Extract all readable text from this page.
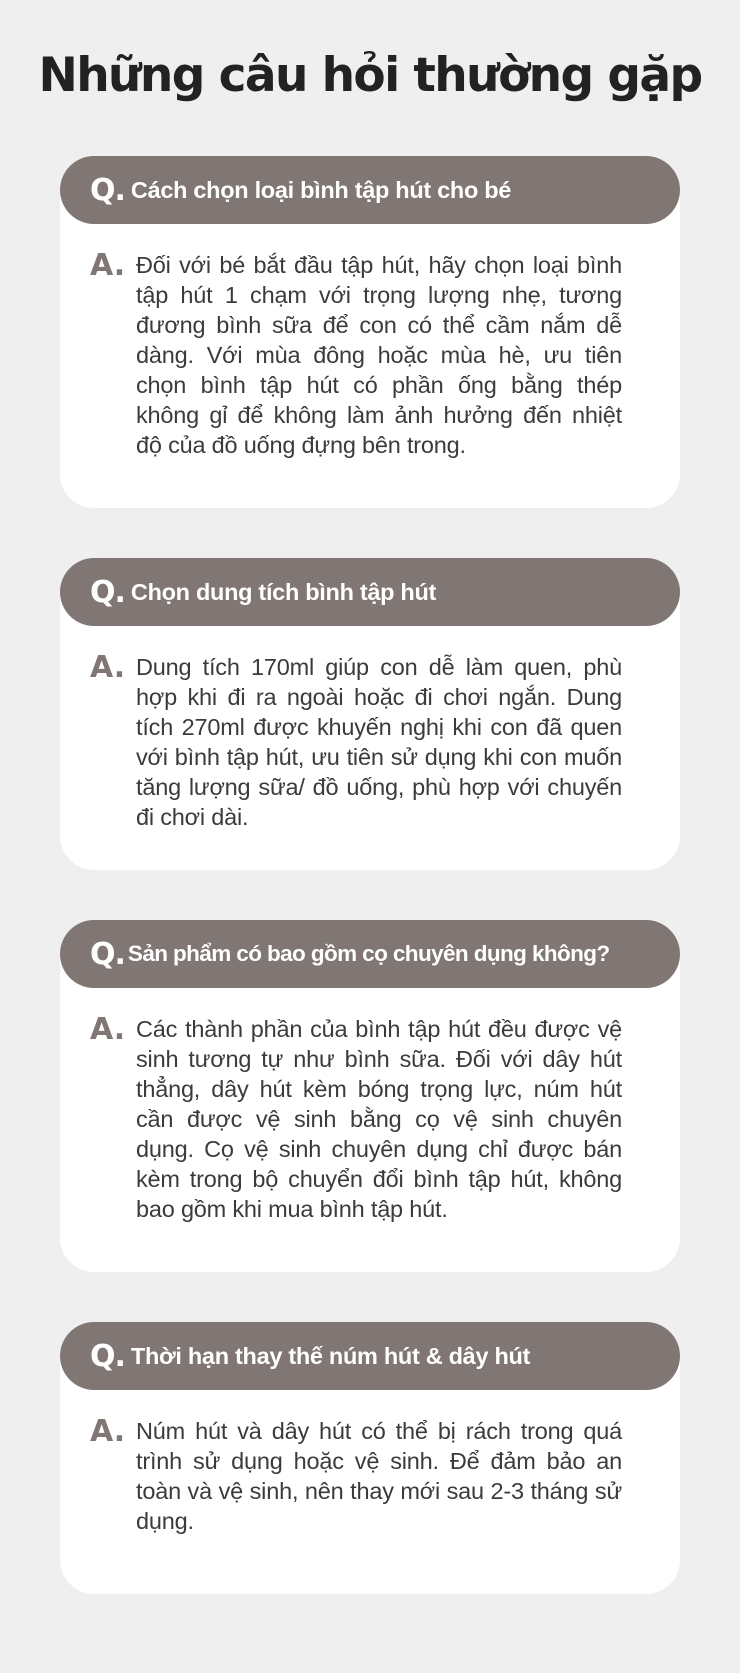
Những câu hỏi thường gặp
Q. Cách chọn loại bình tập hút cho bé
A. Đối với bé bắt đầu tập hút, hãy chọn loại bình tập hút 1 chạm với trọng lượng nhẹ, tương đương bình sữa để con có thể cầm nắm dễ dàng. Với mùa đông hoặc mùa hè, ưu tiên chọn bình tập hút có phần ống bằng thép không gỉ để không làm ảnh hưởng đến nhiệt độ của đồ uống đựng bên trong.
Q. Chọn dung tích bình tập hút
A. Dung tích 170ml giúp con dễ làm quen, phù hợp khi đi ra ngoài hoặc đi chơi ngắn. Dung tích 270ml được khuyến nghị khi con đã quen với bình tập hút, ưu tiên sử dụng khi con muốn tăng lượng sữa/ đồ uống, phù hợp với chuyến đi chơi dài.
Q. Sản phẩm có bao gồm cọ chuyên dụng không?
A. Các thành phần của bình tập hút đều được vệ sinh tương tự như bình sữa. Đối với dây hút thẳng, dây hút kèm bóng trọng lực, núm hút cần được vệ sinh bằng cọ vệ sinh chuyên dụng. Cọ vệ sinh chuyên dụng chỉ được bán kèm trong bộ chuyển đổi bình tập hút, không bao gồm khi mua bình tập hút.
Q. Thời hạn thay thế núm hút & dây hút
A. Núm hút và dây hút có thể bị rách trong quá trình sử dụng hoặc vệ sinh. Để đảm bảo an toàn và vệ sinh, nên thay mới sau 2-3 tháng sử dụng.
